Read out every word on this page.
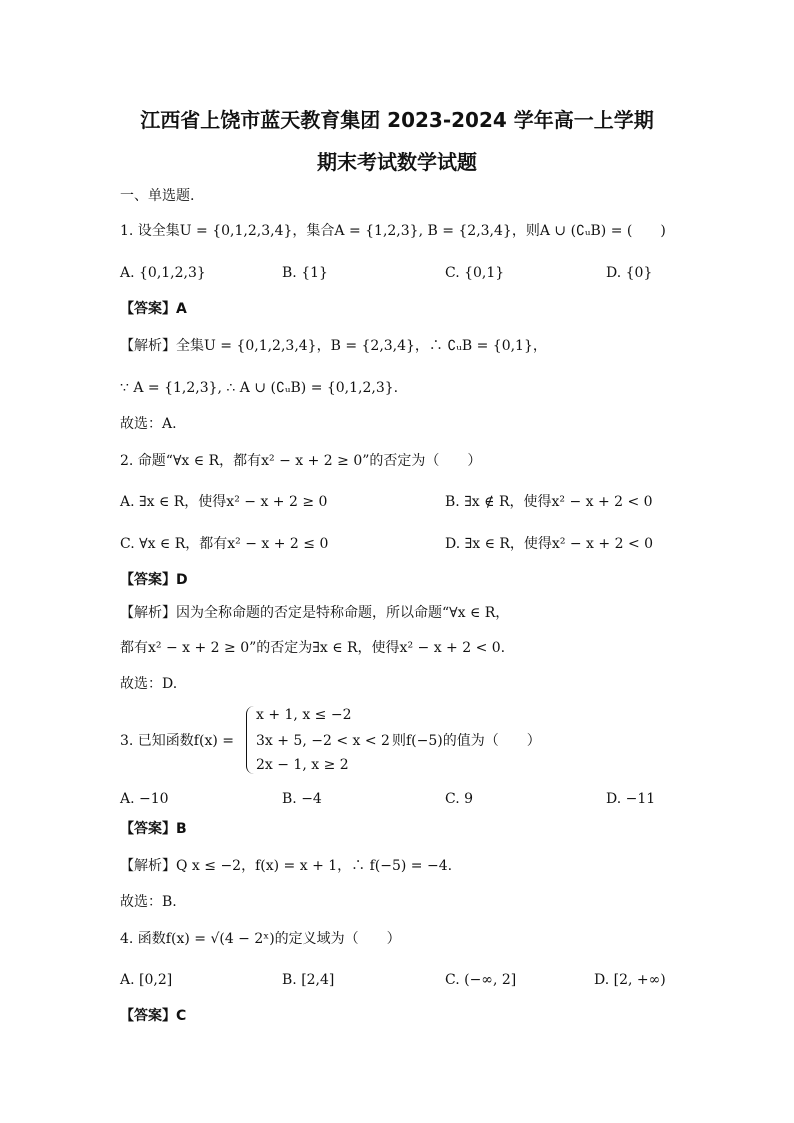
江西省上饶市蓝天教育集团 2023-2024 学年高一上学期
期末考试数学试题
一、单选题.
1. 设全集U = {0,1,2,3,4}，集合A = {1,2,3}, B = {2,3,4}，则A ∪ (∁ᵤB) = (　　)
A. {0,1,2,3}	B. {1}	C. {0,1}	D. {0}
【答案】A
【解析】全集U = {0,1,2,3,4}，B = {2,3,4}，∴ ∁ᵤB = {0,1}，
∵ A = {1,2,3}, ∴ A ∪ (∁ᵤB) = {0,1,2,3}.
故选：A.
2. 命题“∀x ∈ R，都有x² − x + 2 ≥ 0”的否定为（　　）
A. ∃x ∈ R，使得x² − x + 2 ≥ 0	B. ∃x ∉ R，使得x² − x + 2 < 0
C. ∀x ∈ R，都有x² − x + 2 ≤ 0	D. ∃x ∈ R，使得x² − x + 2 < 0
【答案】D
【解析】因为全称命题的否定是特称命题，所以命题“∀x ∈ R，
都有x² − x + 2 ≥ 0”的否定为∃x ∈ R，使得x² − x + 2 < 0.
故选：D.
3. 已知函数f(x) =
x + 1, x ≤ −2
3x + 5, −2 < x < 2
2x − 1, x ≥ 2
则f(−5)的值为（　　）
A. −10	B. −4	C. 9	D. −11
【答案】B
【解析】Q x ≤ −2，f(x) = x + 1，∴ f(−5) = −4.
故选：B.
4. 函数f(x) = √(4 − 2ˣ)的定义域为（　　）
A. [0,2]	B. [2,4]	C. (−∞, 2]	D. [2, +∞)
【答案】C
